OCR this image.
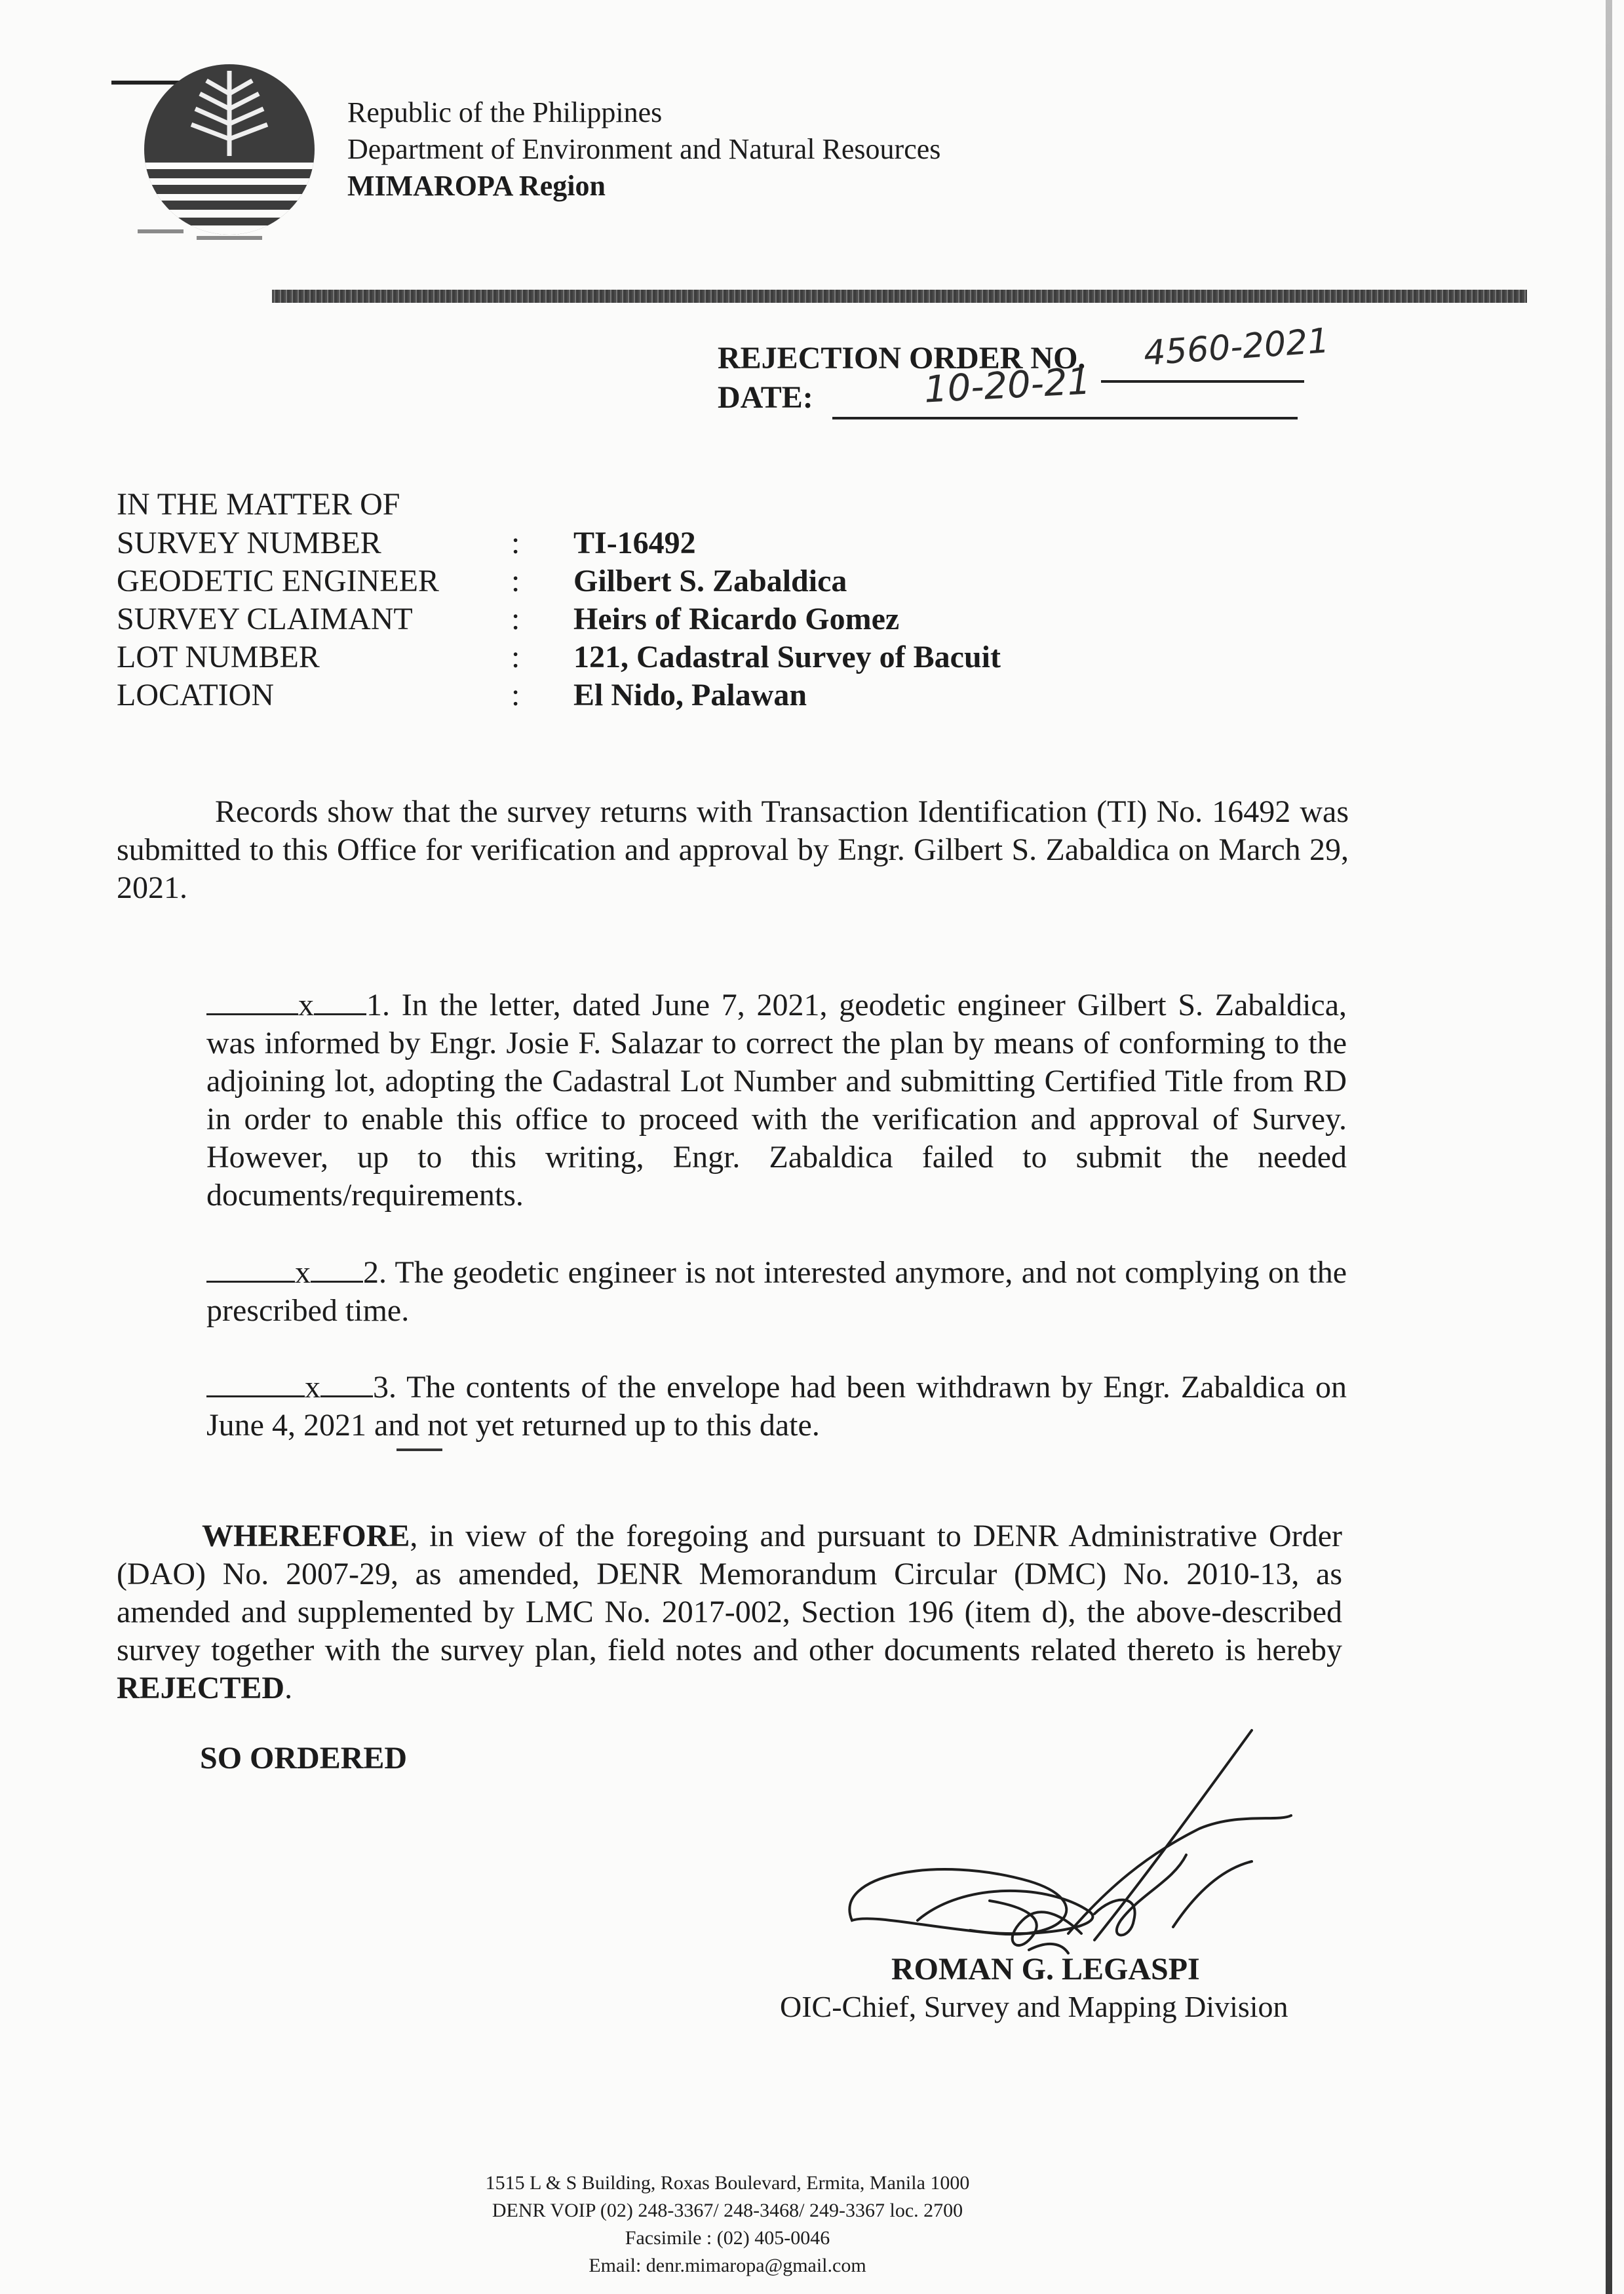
Republic of the Philippines
Department of Environment and Natural Resources
MIMAROPA Region
REJECTION ORDER NO. 4560-2021
DATE:	10-20-21
IN THE MATTER OF
SURVEY NUMBER	: TI-16492
GEODETIC ENGINEER : Gilbert S. Zabaldica
SURVEY CLAIMANT	: Heirs of Ricardo Gomez
LOT NUMBER	: 121, Cadastral Survey of Bacuit
LOCATION	: El Nido, Palawan
Records show that the survey returns with Transaction Identification (TI) No. 16492 was submitted to this Office for verification and approval by Engr. Gilbert S. Zabaldica on March 29, 2021.
x 1. In the letter, dated June 7, 2021, geodetic engineer Gilbert S. Zabaldica, was informed by Engr. Josie F. Salazar to correct the plan by means of conforming to the adjoining lot, adopting the Cadastral Lot Number and submitting Certified Title from RD in order to enable this office to proceed with the verification and approval of Survey. However, up to this writing, Engr. Zabaldica failed to submit the needed documents/requirements.
x 2. The geodetic engineer is not interested anymore, and not complying on the prescribed time.
x 3. The contents of the envelope had been withdrawn by Engr. Zabaldica on June 4, 2021 and not yet returned up to this date.
WHEREFORE, in view of the foregoing and pursuant to DENR Administrative Order (DAO) No. 2007-29, as amended, DENR Memorandum Circular (DMC) No. 2010-13, as amended and supplemented by LMC No. 2017-002, Section 196 (item d), the above-described survey together with the survey plan, field notes and other documents related thereto is hereby REJECTED.
SO ORDERED
ROMAN G. LEGASPI
OIC-Chief, Survey and Mapping Division
1515 L & S Building, Roxas Boulevard, Ermita, Manila 1000
DENR VOIP (02) 248-3367/ 248-3468/ 249-3367 loc. 2700
Facsimile : (02) 405-0046
Email: denr.mimaropa@gmail.com
